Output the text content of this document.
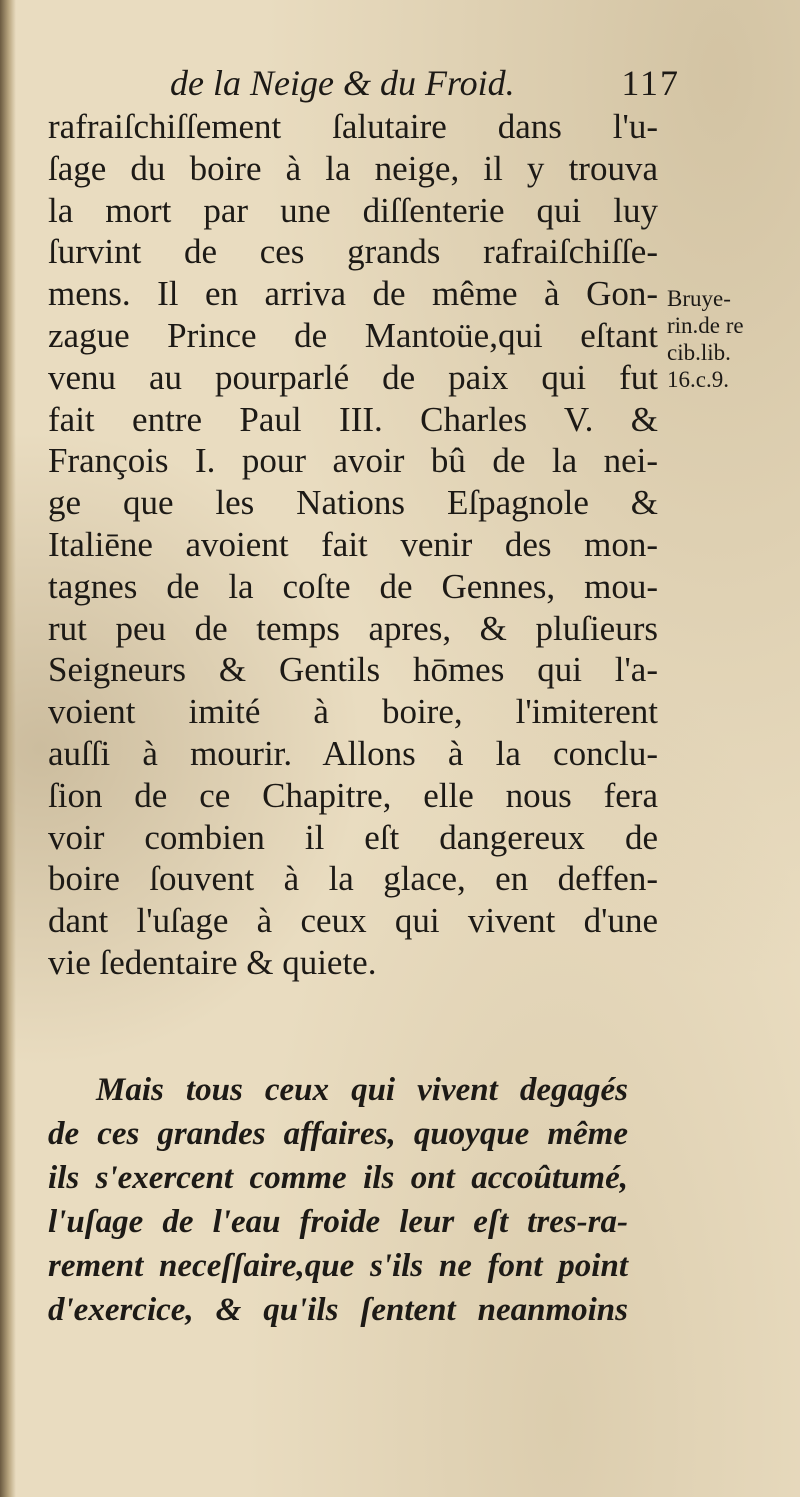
de la Neige & du Froid.	117
rafraiſchiſſement ſalutaire dans l'u-
ſage du boire à la neige, il y trouva
la mort par une diſſenterie qui luy
ſurvint de ces grands rafraiſchiſſe-
mens. Il en arriva de même à Gon-
zague Prince de Mantoüe,qui eſtant
venu au pourparlé de paix qui fut
fait entre Paul III. Charles V. &
François I. pour avoir bû de la nei-
ge que les Nations Eſpagnole &
Italiēne avoient fait venir des mon-
tagnes de la coſte de Gennes, mou-
rut peu de temps apres, & pluſieurs
Seigneurs & Gentils hōmes qui l'a-
voient imité à boire, l'imiterent
auſſi à mourir. Allons à la conclu-
ſion de ce Chapitre, elle nous fera
voir combien il eſt dangereux de
boire ſouvent à la glace, en deffen-
dant l'uſage à ceux qui vivent d'une
vie ſedentaire & quiete.
Bruye-
rin.de re
cib.lib.
16.c.9.
Mais tous ceux qui vivent degagés
de ces grandes affaires, quoyque même
ils s'exercent comme ils ont accoûtumé,
l'uſage de l'eau froide leur eſt tres-ra-
rement neceſſaire,que s'ils ne font point
d'exercice, & qu'ils ſentent neanmoins
